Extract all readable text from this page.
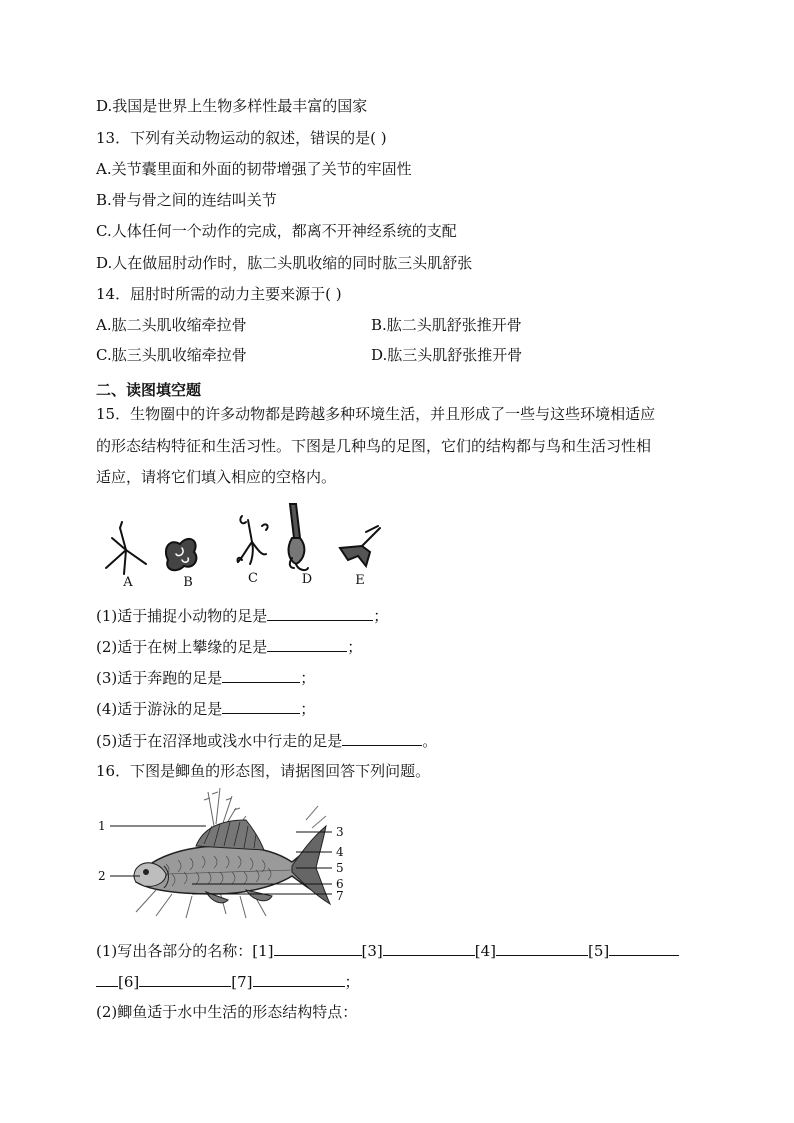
D.我国是世界上生物多样性最丰富的国家
13．下列有关动物运动的叙述，错误的是( )
A.关节囊里面和外面的韧带增强了关节的牢固性
B.骨与骨之间的连结叫关节
C.人体任何一个动作的完成，都离不开神经系统的支配
D.人在做屈肘动作时，肱二头肌收缩的同时肱三头肌舒张
14．屈肘时所需的动力主要来源于( )
A.肱二头肌收缩牵拉骨	B.肱二头肌舒张推开骨
C.肱三头肌收缩牵拉骨	D.肱三头肌舒张推开骨
二、读图填空题
15．生物圈中的许多动物都是跨越多种环境生活，并且形成了一些与这些环境相适应
的形态结构特征和生活习性。下图是几种鸟的足图，它们的结构都与鸟和生活习性相
适应，请将它们填入相应的空格内。
A	B	C	D	E
(1)适于捕捉小动物的足是	；
(2)适于在树上攀缘的足是	；
(3)适于奔跑的足是	；
(4)适于游泳的足是	；
(5)适于在沼泽地或浅水中行走的足是	。
16．下图是鲫鱼的形态图，请据图回答下列问题。
1
2
3
4
5
6
7
(1)写出各部分的名称：[1]	[3]	[4]	[5]
[6]	[7]	；
(2)鲫鱼适于水中生活的形态结构特点：
